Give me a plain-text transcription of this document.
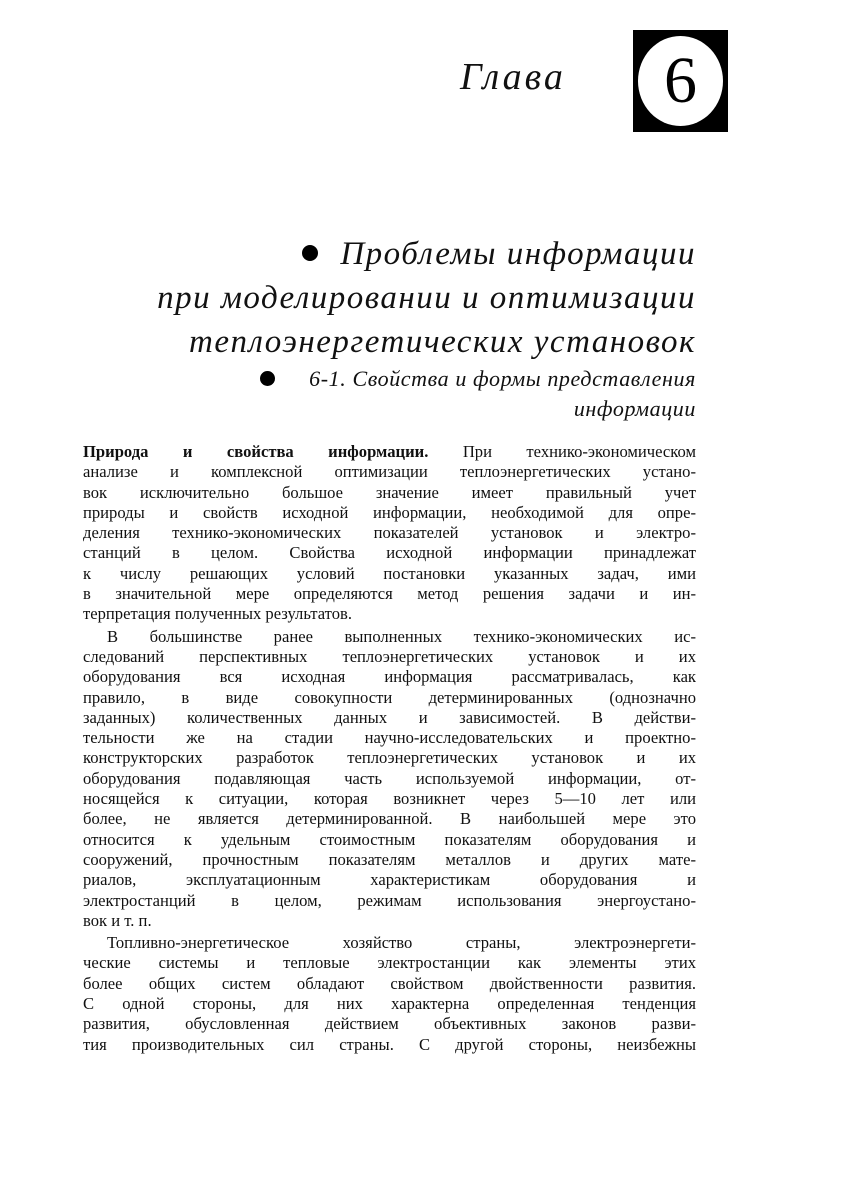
Глава	6
Проблемы информации
при моделировании и оптимизации
теплоэнергетических установок
6-1. Свойства и формы представления
информации
Природа и свойства информации. При технико-экономическом
анализе и комплексной оптимизации теплоэнергетических устано-
вок исключительно большое значение имеет правильный учет
природы и свойств исходной информации, необходимой для опре-
деления технико-экономических показателей установок и электро-
станций в целом. Свойства исходной информации принадлежат
к числу решающих условий постановки указанных задач, ими
в значительной мере определяются метод решения задачи и ин-
терпретация полученных результатов.
В большинстве ранее выполненных технико-экономических ис-
следований перспективных теплоэнергетических установок и их
оборудования вся исходная информация рассматривалась, как
правило, в виде совокупности детерминированных (однозначно
заданных) количественных данных и зависимостей. В действи-
тельности же на стадии научно-исследовательских и проектно-
конструкторских разработок теплоэнергетических установок и их
оборудования подавляющая часть используемой информации, от-
носящейся к ситуации, которая возникнет через 5—10 лет или
более, не является детерминированной. В наибольшей мере это
относится к удельным стоимостным показателям оборудования и
сооружений, прочностным показателям металлов и других мате-
риалов, эксплуатационным характеристикам оборудования и
электростанций в целом, режимам использования энергоустано-
вок и т. п.
Топливно-энергетическое хозяйство страны, электроэнергети-
ческие системы и тепловые электростанции как элементы этих
более общих систем обладают свойством двойственности развития.
С одной стороны, для них характерна определенная тенденция
развития, обусловленная действием объективных законов разви-
тия производительных сил страны. С другой стороны, неизбежны
